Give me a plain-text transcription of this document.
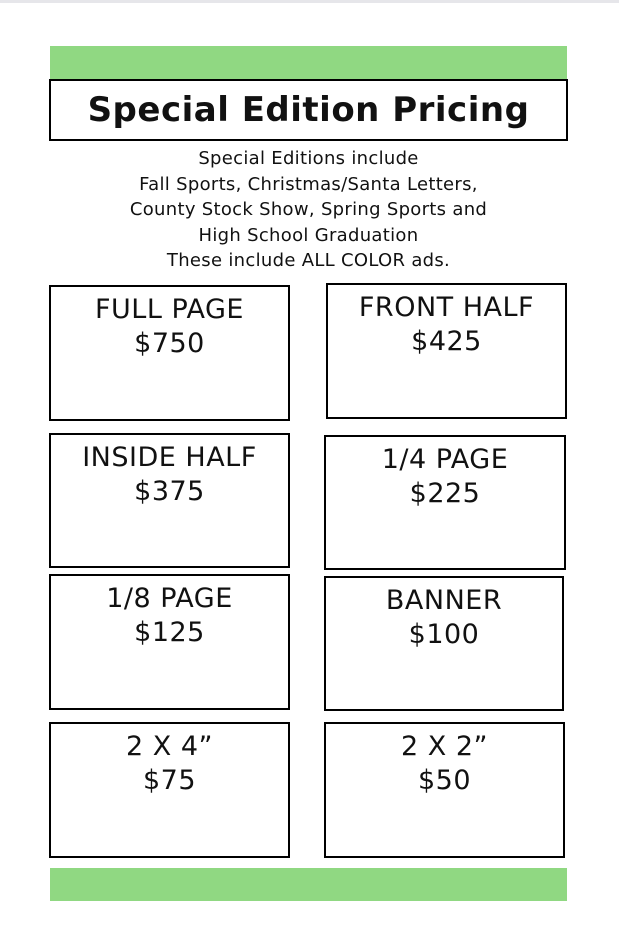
Special Edition Pricing
Special Editions include
Fall Sports, Christmas/Santa Letters,
County Stock Show, Spring Sports and
High School Graduation
These include ALL COLOR ads.
FULL PAGE
$750
FRONT HALF
$425
INSIDE HALF
$375
1/4 PAGE
$225
1/8 PAGE
$125
BANNER
$100
2 X 4”
$75
2 X 2”
$50
